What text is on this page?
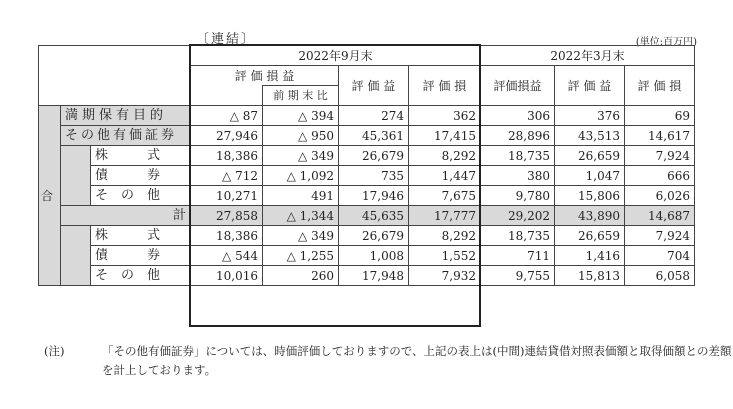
〔連結〕	(単位:百万円)
			2022年9月末				2022年3月末		
			評 価 損 益		評 価 益	評 価 損	評価損益	評 価 益	評 価 損

				前 期 末 比					
合	満期保有目的		△ 87	△ 394	274	362	306	376	69
	その他有価証券		27,946	△ 950	45,361	17,415	28,896	43,513	14,617
		株　　　式	18,386	△ 349	26,679	8,292	18,735	26,659	7,924
		債　　　券	△ 712	△ 1,092	735	1,447	380	1,047	666
		そ　の　他	10,271	491	17,946	7,675	9,780	15,806	6,026
	計		27,858	△ 1,344	45,635	17,777	29,202	43,890	14,687
		株　　　式	18,386	△ 349	26,679	8,292	18,735	26,659	7,924
		債　　　券	△ 544	△ 1,255	1,008	1,552	711	1,416	704
		そ　の　他	10,016	260	17,948	7,932	9,755	15,813	6,058
(注)	「その他有価証券」については、時価評価しておりますので、上記の表上は(中間)連結貸借対照表価額と取得価額との差額を計上しております。
